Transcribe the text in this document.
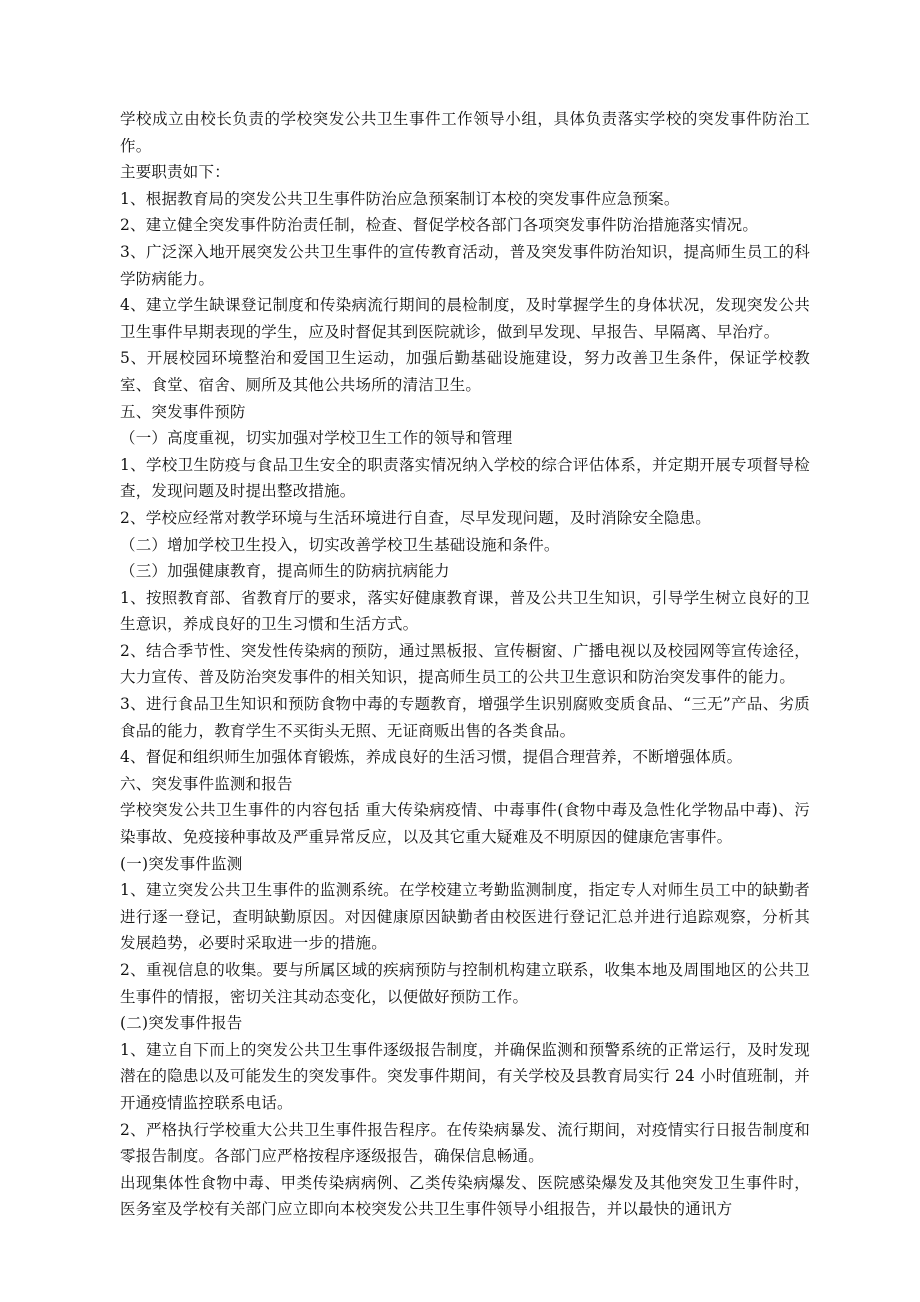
学校成立由校长负责的学校突发公共卫生事件工作领导小组，具体负责落实学校的突发事件防治工作。

主要职责如下：

1、根据教育局的突发公共卫生事件防治应急预案制订本校的突发事件应急预案。

2、建立健全突发事件防治责任制，检查、督促学校各部门各项突发事件防治措施落实情况。

3、广泛深入地开展突发公共卫生事件的宣传教育活动，普及突发事件防治知识，提高师生员工的科学防病能力。

4、建立学生缺课登记制度和传染病流行期间的晨检制度，及时掌握学生的身体状况，发现突发公共卫生事件早期表现的学生，应及时督促其到医院就诊，做到早发现、早报告、早隔离、早治疗。

5、开展校园环境整治和爱国卫生运动，加强后勤基础设施建设，努力改善卫生条件，保证学校教室、食堂、宿舍、厕所及其他公共场所的清洁卫生。

五、突发事件预防

（一）高度重视，切实加强对学校卫生工作的领导和管理

1、学校卫生防疫与食品卫生安全的职责落实情况纳入学校的综合评估体系，并定期开展专项督导检查，发现问题及时提出整改措施。

2、学校应经常对教学环境与生活环境进行自查，尽早发现问题，及时消除安全隐患。

（二）增加学校卫生投入，切实改善学校卫生基础设施和条件。

（三）加强健康教育，提高师生的防病抗病能力

1、按照教育部、省教育厅的要求，落实好健康教育课，普及公共卫生知识，引导学生树立良好的卫生意识，养成良好的卫生习惯和生活方式。

2、结合季节性、突发性传染病的预防，通过黑板报、宣传橱窗、广播电视以及校园网等宣传途径，大力宣传、普及防治突发事件的相关知识，提高师生员工的公共卫生意识和防治突发事件的能力。

3、进行食品卫生知识和预防食物中毒的专题教育，增强学生识别腐败变质食品、“三无”产品、劣质食品的能力，教育学生不买街头无照、无证商贩出售的各类食品。

4、督促和组织师生加强体育锻炼，养成良好的生活习惯，提倡合理营养，不断增强体质。

六、突发事件监测和报告

学校突发公共卫生事件的内容包括 重大传染病疫情、中毒事件(食物中毒及急性化学物品中毒)、污染事故、免疫接种事故及严重异常反应，以及其它重大疑难及不明原因的健康危害事件。

(一)突发事件监测

1、建立突发公共卫生事件的监测系统。在学校建立考勤监测制度，指定专人对师生员工中的缺勤者进行逐一登记，查明缺勤原因。对因健康原因缺勤者由校医进行登记汇总并进行追踪观察，分析其发展趋势，必要时采取进一步的措施。

2、重视信息的收集。要与所属区域的疾病预防与控制机构建立联系，收集本地及周围地区的公共卫生事件的情报，密切关注其动态变化，以便做好预防工作。

(二)突发事件报告

1、建立自下而上的突发公共卫生事件逐级报告制度，并确保监测和预警系统的正常运行，及时发现潜在的隐患以及可能发生的突发事件。突发事件期间，有关学校及县教育局实行 24 小时值班制，并开通疫情监控联系电话。

2、严格执行学校重大公共卫生事件报告程序。在传染病暴发、流行期间，对疫情实行日报告制度和零报告制度。各部门应严格按程序逐级报告，确保信息畅通。

出现集体性食物中毒、甲类传染病病例、乙类传染病爆发、医院感染爆发及其他突发卫生事件时，医务室及学校有关部门应立即向本校突发公共卫生事件领导小组报告，并以最快的通讯方
